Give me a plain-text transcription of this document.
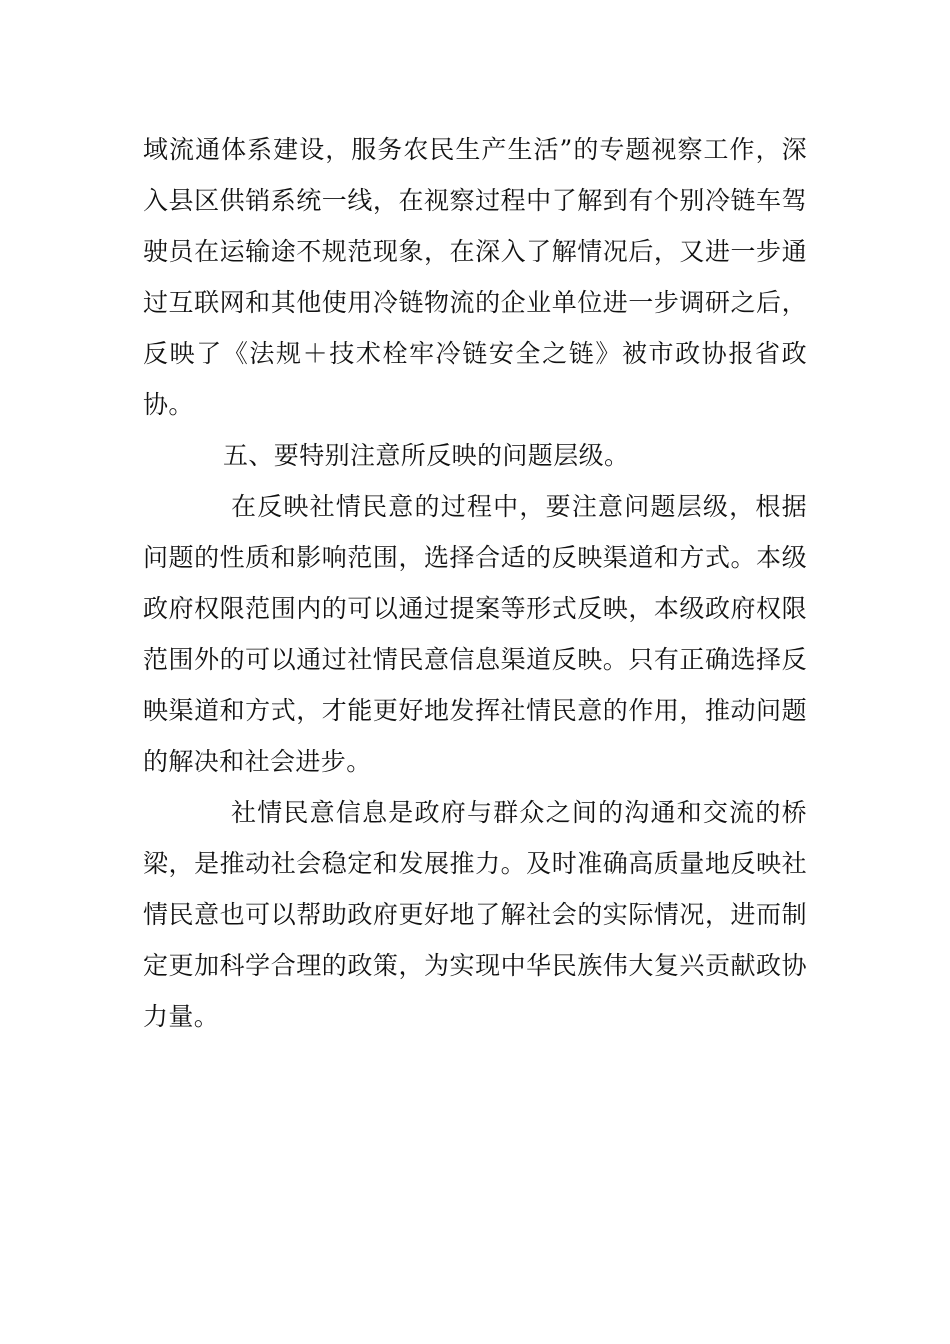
域流通体系建设，服务农民生产生活”的专题视察工作，深入县区供销系统一线，在视察过程中了解到有个别冷链车驾驶员在运输途不规范现象，在深入了解情况后，又进一步通过互联网和其他使用冷链物流的企业单位进一步调研之后，反映了《法规＋技术栓牢冷链安全之链》被市政协报省政协。

五、要特别注意所反映的问题层级。

在反映社情民意的过程中，要注意问题层级，根据问题的性质和影响范围，选择合适的反映渠道和方式。本级政府权限范围内的可以通过提案等形式反映，本级政府权限范围外的可以通过社情民意信息渠道反映。只有正确选择反映渠道和方式，才能更好地发挥社情民意的作用，推动问题的解决和社会进步。

社情民意信息是政府与群众之间的沟通和交流的桥梁，是推动社会稳定和发展推力。及时准确高质量地反映社情民意也可以帮助政府更好地了解社会的实际情况，进而制定更加科学合理的政策，为实现中华民族伟大复兴贡献政协力量。
